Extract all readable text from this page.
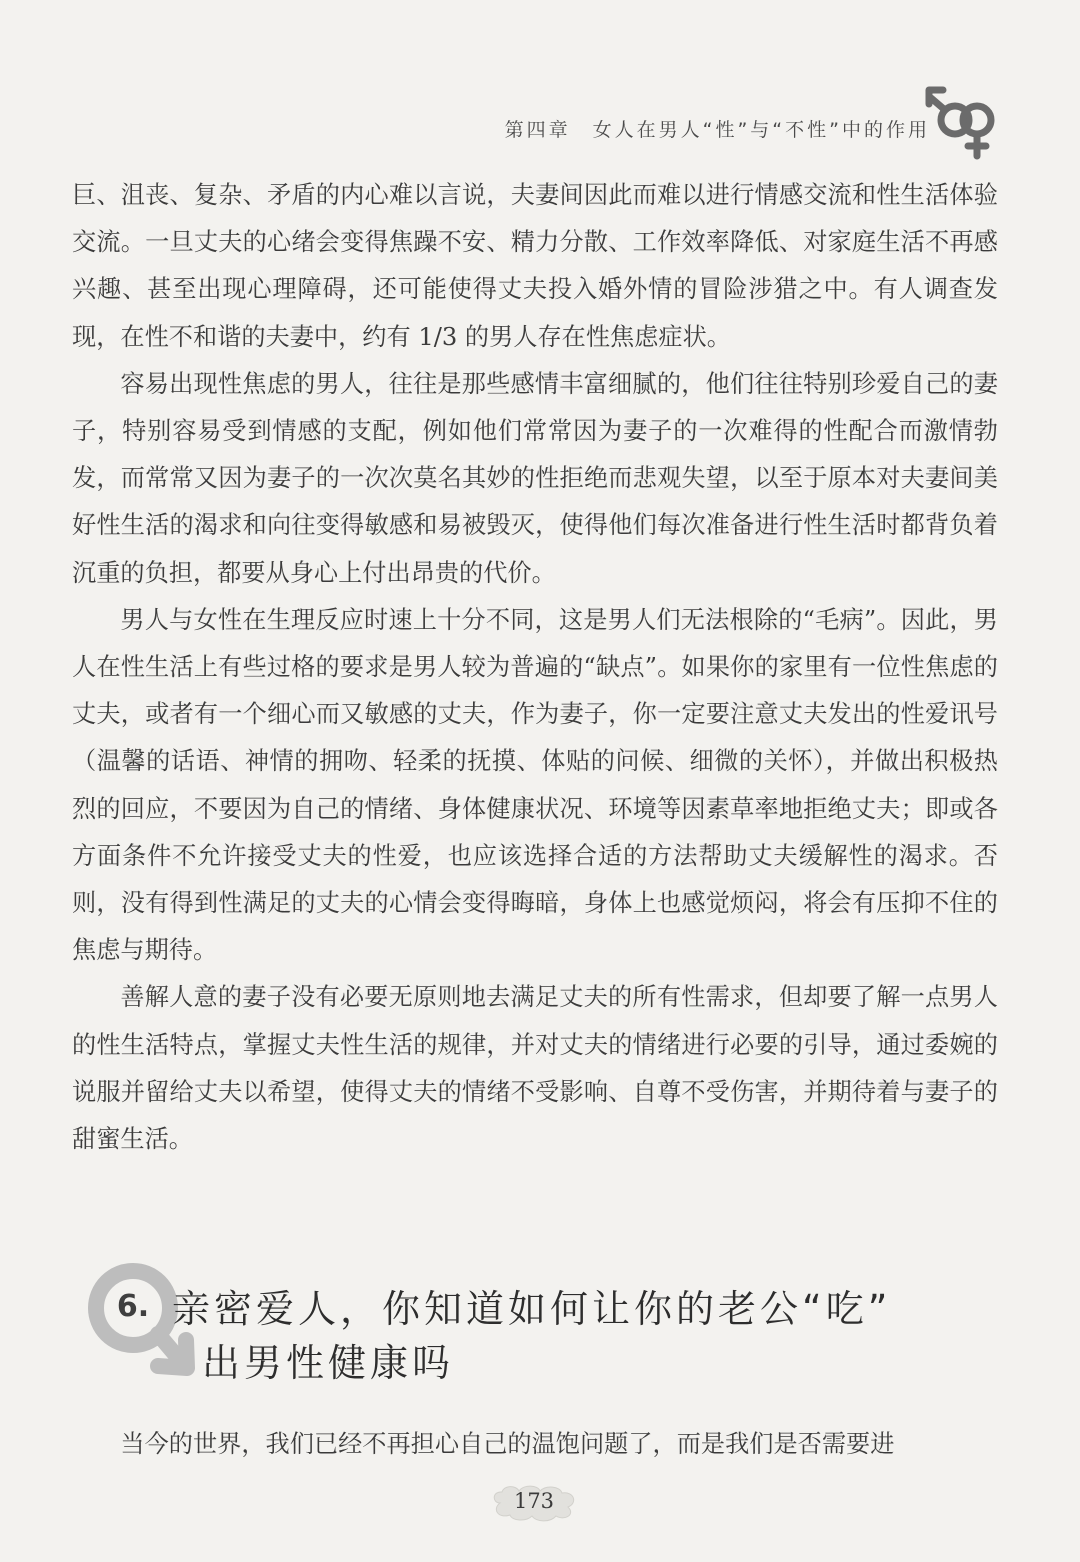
第四章　女人在男人“性”与“不性”中的作用

巨、沮丧、复杂、矛盾的内心难以言说，夫妻间因此而难以进行情感交流和性生活体验交流。一旦丈夫的心绪会变得焦躁不安、精力分散、工作效率降低、对家庭生活不再感兴趣、甚至出现心理障碍，还可能使得丈夫投入婚外情的冒险涉猎之中。有人调查发现，在性不和谐的夫妻中，约有 1/3 的男人存在性焦虑症状。

容易出现性焦虑的男人，往往是那些感情丰富细腻的，他们往往特别珍爱自己的妻子，特别容易受到情感的支配，例如他们常常因为妻子的一次难得的性配合而激情勃发，而常常又因为妻子的一次次莫名其妙的性拒绝而悲观失望，以至于原本对夫妻间美好性生活的渴求和向往变得敏感和易被毁灭，使得他们每次准备进行性生活时都背负着沉重的负担，都要从身心上付出昂贵的代价。

男人与女性在生理反应时速上十分不同，这是男人们无法根除的“毛病”。因此，男人在性生活上有些过格的要求是男人较为普遍的“缺点”。如果你的家里有一位性焦虑的丈夫，或者有一个细心而又敏感的丈夫，作为妻子，你一定要注意丈夫发出的性爱讯号（温馨的话语、神情的拥吻、轻柔的抚摸、体贴的问候、细微的关怀），并做出积极热烈的回应，不要因为自己的情绪、身体健康状况、环境等因素草率地拒绝丈夫；即或各方面条件不允许接受丈夫的性爱，也应该选择合适的方法帮助丈夫缓解性的渴求。否则，没有得到性满足的丈夫的心情会变得晦暗，身体上也感觉烦闷，将会有压抑不住的焦虑与期待。

善解人意的妻子没有必要无原则地去满足丈夫的所有性需求，但却要了解一点男人的性生活特点，掌握丈夫性生活的规律，并对丈夫的情绪进行必要的引导，通过委婉的说服并留给丈夫以希望，使得丈夫的情绪不受影响、自尊不受伤害，并期待着与妻子的甜蜜生活。

6. 亲密爱人，你知道如何让你的老公“吃”
出男性健康吗

当今的世界，我们已经不再担心自己的温饱问题了，而是我们是否需要进

173
